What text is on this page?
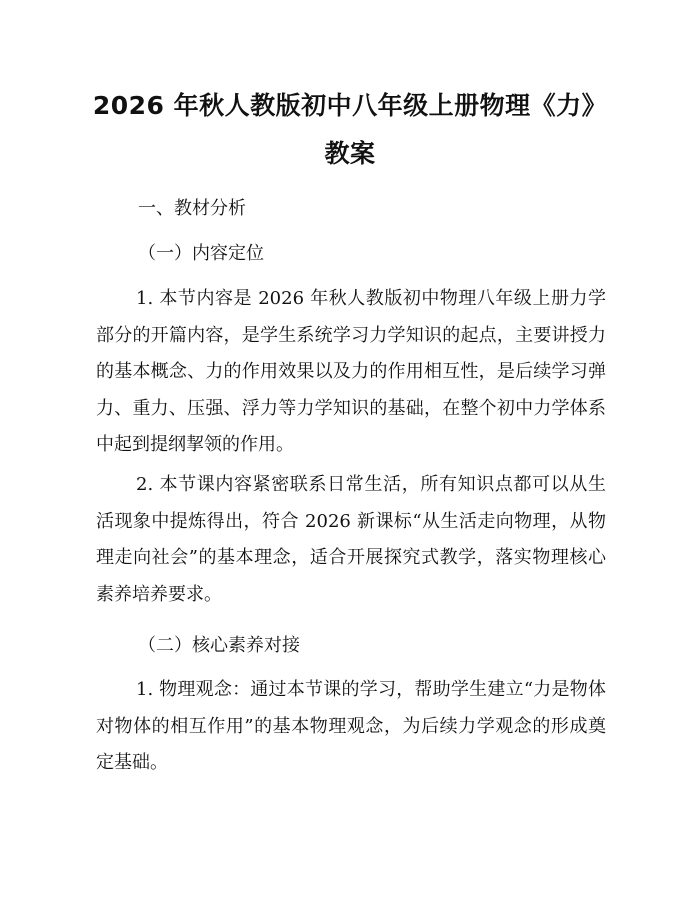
2026 年秋人教版初中八年级上册物理《力》
教案

一、教材分析

（一）内容定位

1. 本节内容是 2026 年秋人教版初中物理八年级上册力学部分的开篇内容，是学生系统学习力学知识的起点，主要讲授力的基本概念、力的作用效果以及力的作用相互性，是后续学习弹力、重力、压强、浮力等力学知识的基础，在整个初中力学体系中起到提纲挈领的作用。

2. 本节课内容紧密联系日常生活，所有知识点都可以从生活现象中提炼得出，符合 2026 新课标“从生活走向物理，从物理走向社会”的基本理念，适合开展探究式教学，落实物理核心素养培养要求。

（二）核心素养对接

1. 物理观念：通过本节课的学习，帮助学生建立“力是物体对物体的相互作用”的基本物理观念，为后续力学观念的形成奠定基础。
